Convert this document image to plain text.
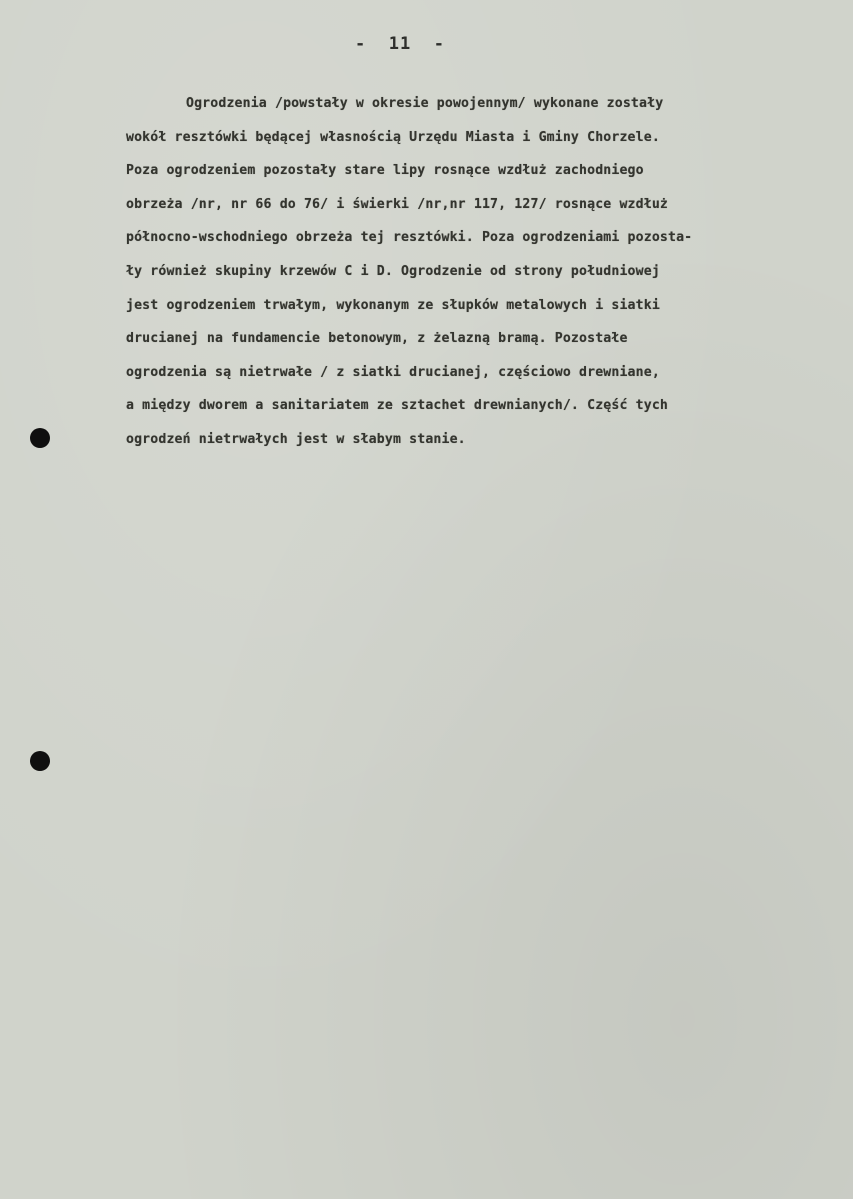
-  11  -
Ogrodzenia /powstały w okresie powojennym/ wykonane zostały
wokół resztówki będącej własnością Urzędu Miasta i Gminy Chorzele.
Poza ogrodzeniem pozostały stare lipy rosnące wzdłuż zachodniego
obrzeża /nr, nr 66 do 76/ i świerki /nr,nr 117, 127/ rosnące wzdłuż
północno-wschodniego obrzeża tej resztówki. Poza ogrodzeniami pozosta-
ły również skupiny krzewów C i D. Ogrodzenie od strony południowej
jest ogrodzeniem trwałym, wykonanym ze słupków metalowych i siatki
drucianej na fundamencie betonowym, z żelazną bramą. Pozostałe
ogrodzenia są nietrwałe / z siatki drucianej, częściowo drewniane,
a między dworem a sanitariatem ze sztachet drewnianych/. Część tych
ogrodzeń nietrwałych jest w słabym stanie.
